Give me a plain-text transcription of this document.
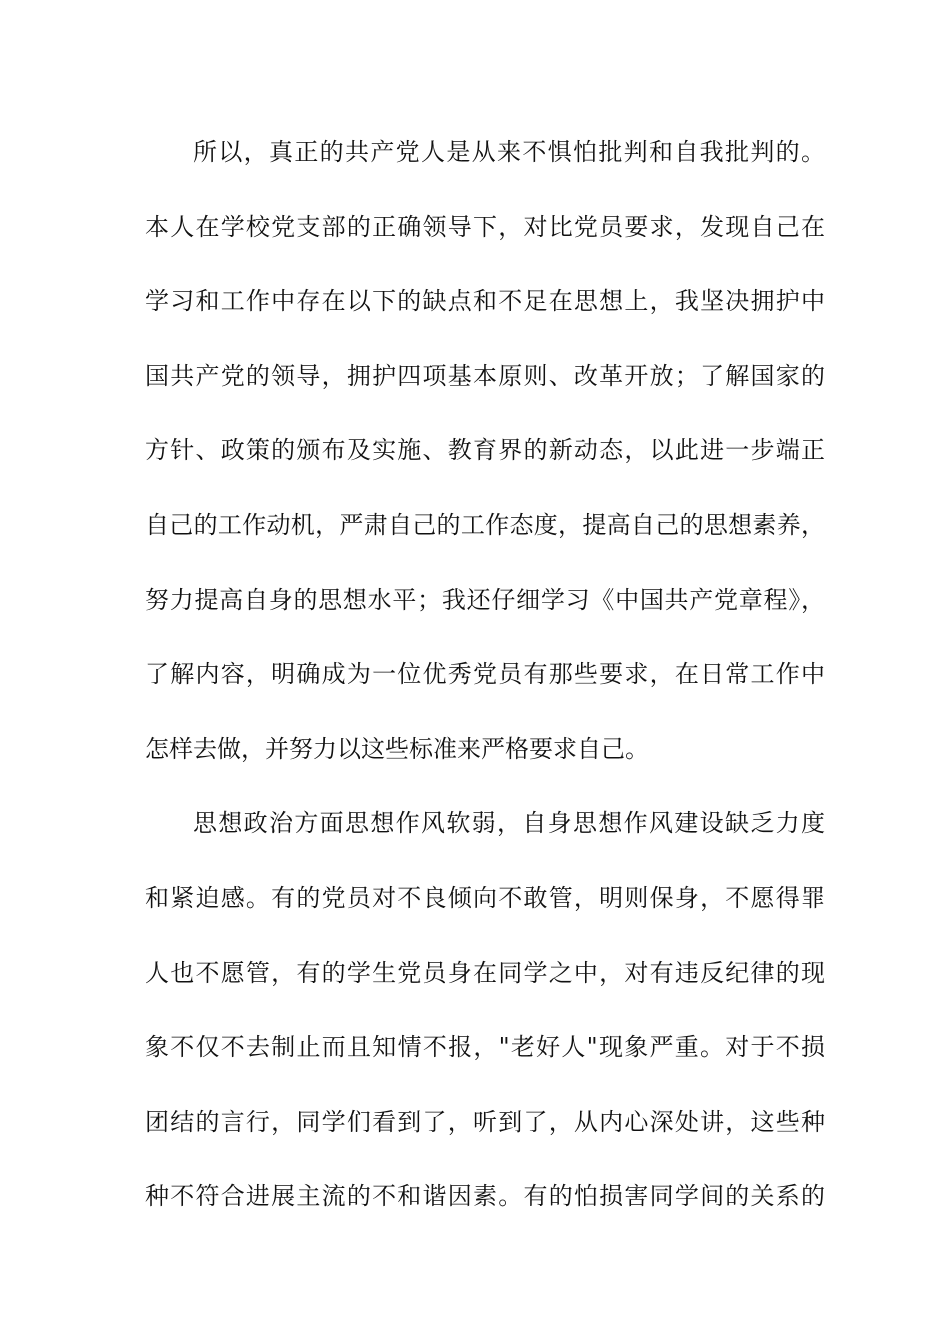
所以，真正的共产党人是从来不惧怕批判和自我批判的。
本人在学校党支部的正确领导下，对比党员要求，发现自己在
学习和工作中存在以下的缺点和不足在思想上，我坚决拥护中
国共产党的领导，拥护四项基本原则、改革开放；了解国家的
方针、政策的颁布及实施、教育界的新动态，以此进一步端正
自己的工作动机，严肃自己的工作态度，提高自己的思想素养，
努力提高自身的思想水平；我还仔细学习《中国共产党章程》，
了解内容，明确成为一位优秀党员有那些要求，在日常工作中
怎样去做，并努力以这些标准来严格要求自己。
思想政治方面思想作风软弱，自身思想作风建设缺乏力度
和紧迫感。有的党员对不良倾向不敢管，明则保身，不愿得罪
人也不愿管，有的学生党员身在同学之中，对有违反纪律的现
象不仅不去制止而且知情不报，"老好人"现象严重。对于不损
团结的言行，同学们看到了，听到了，从内心深处讲，这些种
种不符合进展主流的不和谐因素。有的怕损害同学间的关系的
